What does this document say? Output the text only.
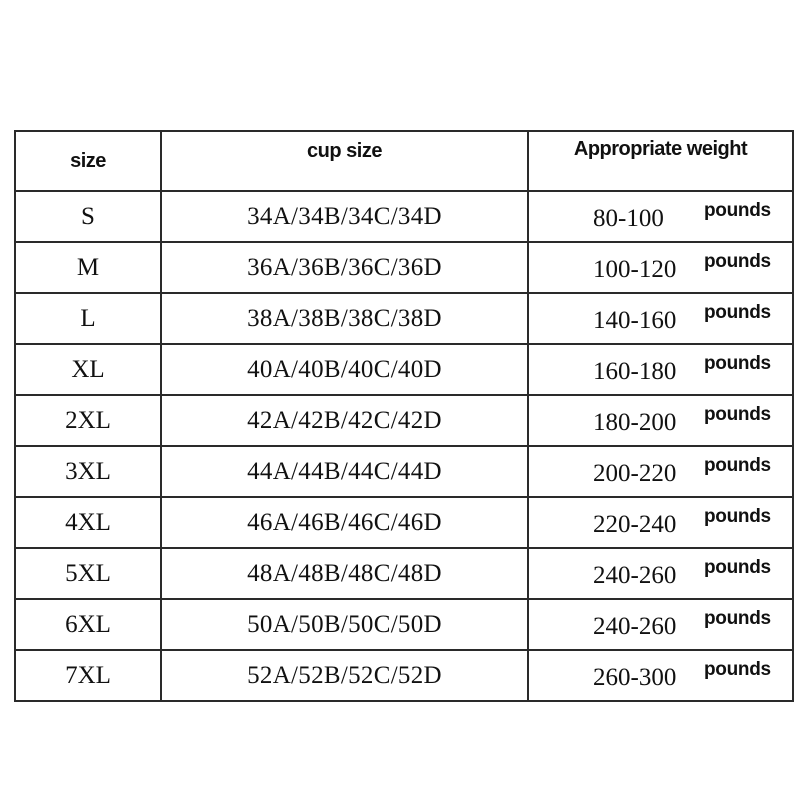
size	cup size	Appropriate weight
S	34A/34B/34C/34D	80-100 pounds

M	36A/36B/36C/36D	100-120 pounds

L	38A/38B/38C/38D	140-160 pounds

XL	40A/40B/40C/40D	160-180 pounds

2XL	42A/42B/42C/42D	180-200 pounds

3XL	44A/44B/44C/44D	200-220 pounds

4XL	46A/46B/46C/46D	220-240 pounds

5XL	48A/48B/48C/48D	240-260 pounds

6XL	50A/50B/50C/50D	240-260 pounds

7XL	52A/52B/52C/52D	260-300 pounds
